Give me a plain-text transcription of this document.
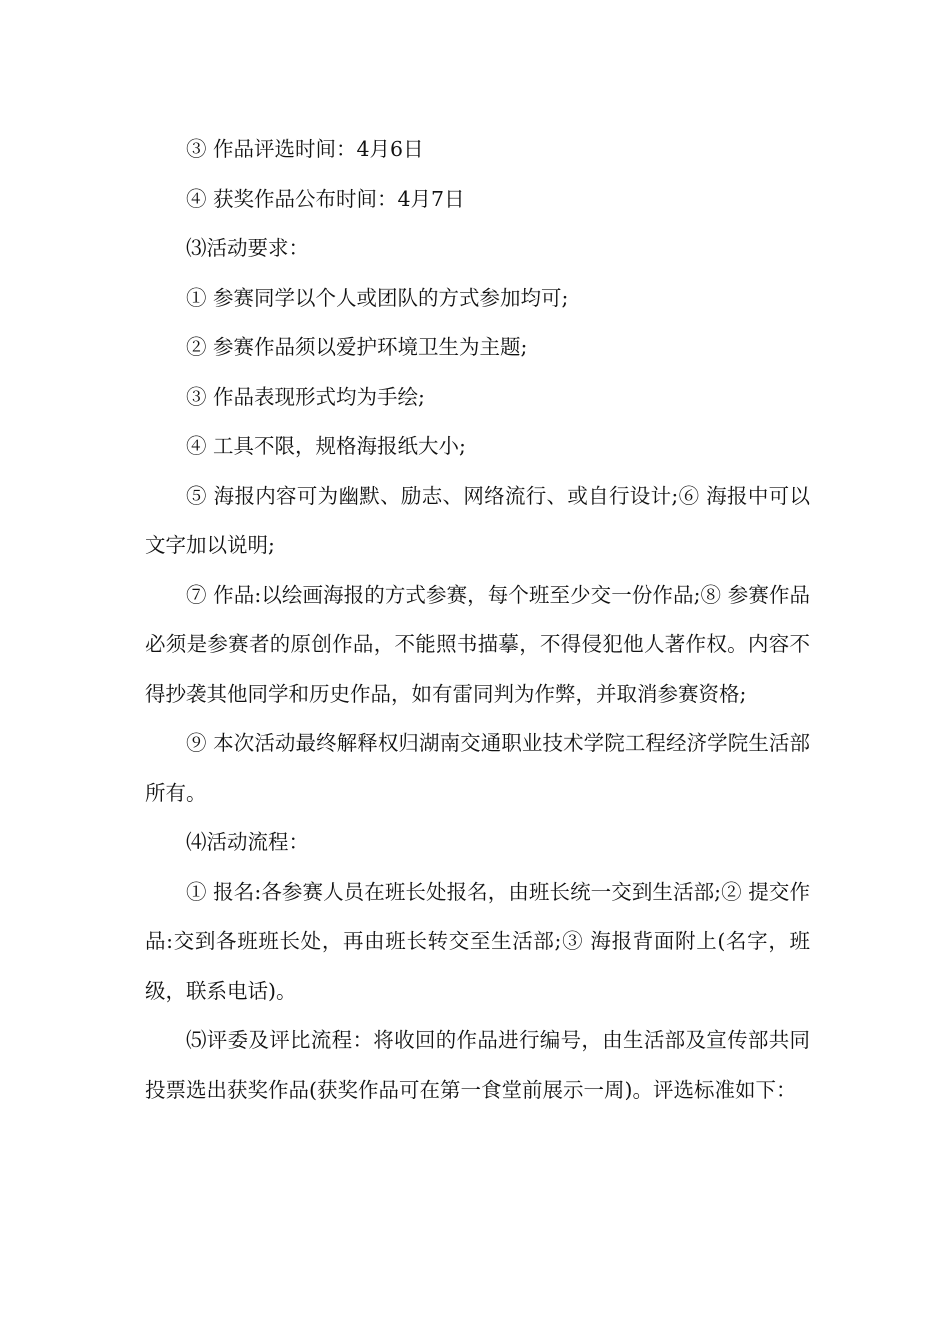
③ 作品评选时间：4月6日

④ 获奖作品公布时间：4月7日

⑶活动要求：

① 参赛同学以个人或团队的方式参加均可;

② 参赛作品须以爱护环境卫生为主题;

③ 作品表现形式均为手绘;

④ 工具不限，规格海报纸大小;

⑤ 海报内容可为幽默、励志、网络流行、或自行设计;⑥ 海报中可以文字加以说明;

⑦ 作品:以绘画海报的方式参赛，每个班至少交一份作品;⑧ 参赛作品必须是参赛者的原创作品，不能照书描摹，不得侵犯他人著作权。内容不得抄袭其他同学和历史作品，如有雷同判为作弊，并取消参赛资格;

⑨ 本次活动最终解释权归湖南交通职业技术学院工程经济学院生活部所有。

⑷活动流程：

① 报名:各参赛人员在班长处报名，由班长统一交到生活部;② 提交作品:交到各班班长处，再由班长转交至生活部;③ 海报背面附上(名字，班级，联系电话)。

⑸评委及评比流程：将收回的作品进行编号，由生活部及宣传部共同投票选出获奖作品(获奖作品可在第一食堂前展示一周)。评选标准如下：
